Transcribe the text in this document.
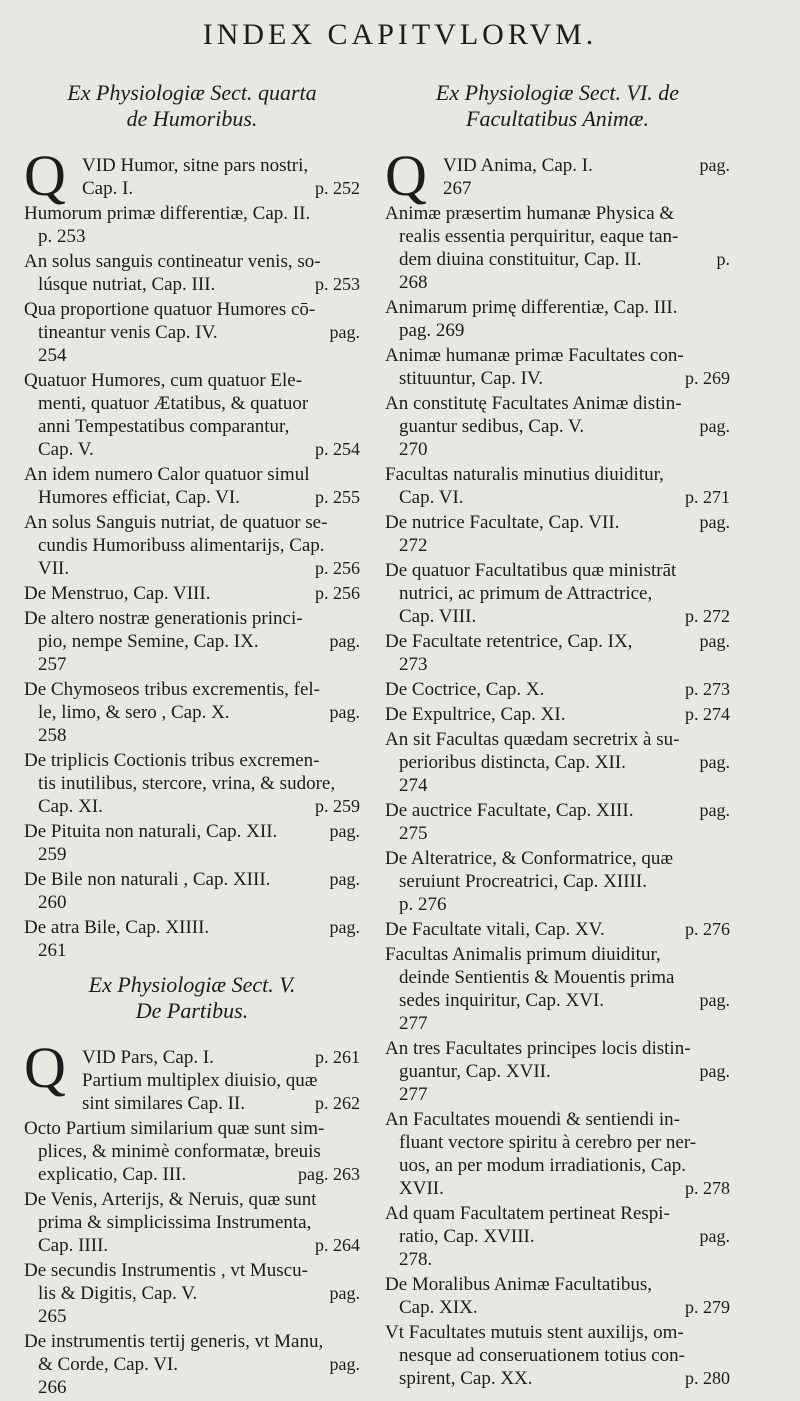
INDEX CAPITVLORVM.
Ex Physiologiæ Sect. quarta
de Humoribus.
Q VID Humor, sitne pars nostri,
Cap. I.	p. 252
Humorum primæ differentiæ, Cap. II.
p. 253
An solus sanguis contineatur venis, so-
lúsque nutriat, Cap. III.	p. 253
Qua proportione quatuor Humores cō-
tineantur venis Cap. IV.	pag.
254
Quatuor Humores, cum quatuor Ele-
menti, quatuor Ætatibus, & quatuor
anni Tempestatibus comparantur,
Cap. V.	p. 254
An idem numero Calor quatuor simul
Humores efficiat, Cap. VI.	p. 255
An solus Sanguis nutriat, de quatuor se-
cundis Humoribuss alimentarijs, Cap.
VII.	p. 256
De Menstruo, Cap. VIII.	p. 256
De altero nostræ generationis princi-
pio, nempe Semine, Cap. IX.	pag.
257
De Chymoseos tribus excrementis, fel-
le, limo, & sero , Cap. X.	pag.
258
De triplicis Coctionis tribus excremen-
tis inutilibus, stercore, vrina, & sudore,
Cap. XI.	p. 259
De Pituita non naturali, Cap. XII.	pag.
259
De Bile non naturali , Cap. XIII.	pag.
260
De atra Bile, Cap. XIIII.	pag.
261
Ex Physiologiæ Sect. V.
De Partibus.
Q VID Pars, Cap. I.	p. 261
Partium multiplex diuisio, quæ
sint similares Cap. II.	p. 262
Octo Partium similarium quæ sunt sim-
plices, & minimè conformatæ, breuis
explicatio, Cap. III.	pag. 263
De Venis, Arterijs, & Neruis, quæ sunt
prima & simplicissima Instrumenta,
Cap. IIII.	p. 264
De secundis Instrumentis , vt Muscu-
lis & Digitis, Cap. V.	pag.
265
De instrumentis tertij generis, vt Manu,
& Corde, Cap. VI.	pag.
266
Ex Physiologiæ Sect. VI. de
Facultatibus Animæ.
Q VID Anima, Cap. I.	pag.
267
Animæ præsertim humanæ Physica &
realis essentia perquiritur, eaque tan-
dem diuina constituitur, Cap. II.	p.
268
Animarum primę differentiæ, Cap. III.
pag. 269
Animæ humanæ primæ Facultates con-
stituuntur, Cap. IV.	p. 269
An constitutę Facultates Animæ distin-
guantur sedibus, Cap. V.	pag.
270
Facultas naturalis minutius diuiditur,
Cap. VI.	p. 271
De nutrice Facultate, Cap. VII.	pag.
272
De quatuor Facultatibus quæ ministrāt
nutrici, ac primum de Attractrice,
Cap. VIII.	p. 272
De Facultate retentrice, Cap. IX,	pag.
273
De Coctrice, Cap. X.	p. 273
De Expultrice, Cap. XI.	p. 274
An sit Facultas quædam secretrix à su-
perioribus distincta, Cap. XII.	pag.
274
De auctrice Facultate, Cap. XIII.	pag.
275
De Alteratrice, & Conformatrice, quæ
seruiunt Procreatrici, Cap. XIIII.
p. 276
De Facultate vitali, Cap. XV.	p. 276
Facultas Animalis primum diuiditur,
deinde Sentientis & Mouentis prima
sedes inquiritur, Cap. XVI.	pag.
277
An tres Facultates principes locis distin-
guantur, Cap. XVII.	pag.
277
An Facultates mouendi & sentiendi in-
fluant vectore spiritu à cerebro per ner-
uos, an per modum irradiationis, Cap.
XVII.	p. 278
Ad quam Facultatem pertineat Respi-
ratio, Cap. XVIII.	pag.
278.
De Moralibus Animæ Facultatibus,
Cap. XIX.	p. 279
Vt Facultates mutuis stent auxilijs, om-
nesque ad conseruationem totius con-
spirent, Cap. XX.	p. 280
